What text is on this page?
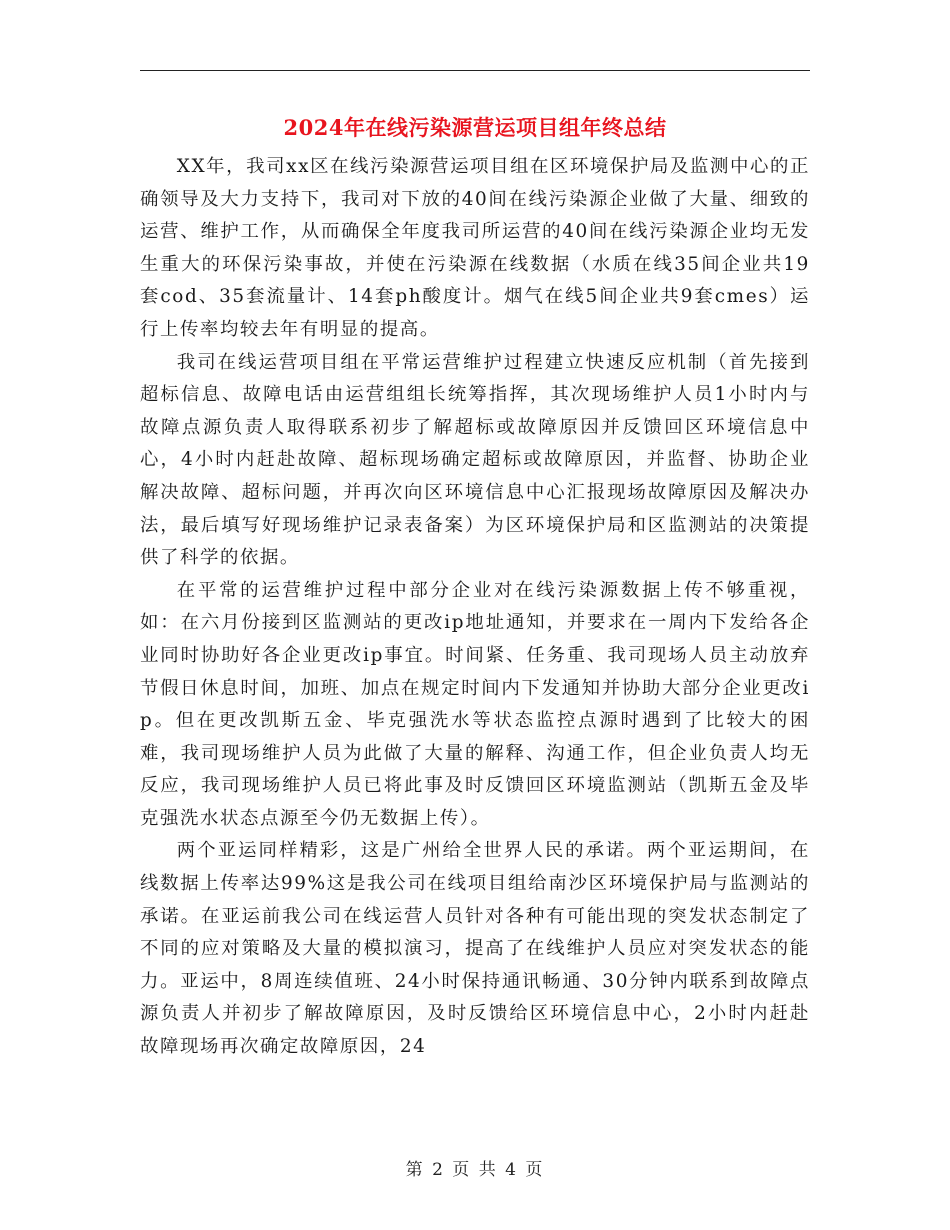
2024年在线污染源营运项目组年终总结

XX年，我司xx区在线污染源营运项目组在区环境保护局及监测中心的正确领导及大力支持下，我司对下放的40间在线污染源企业做了大量、细致的运营、维护工作，从而确保全年度我司所运营的40间在线污染源企业均无发生重大的环保污染事故，并使在污染源在线数据（水质在线35间企业共19套cod、35套流量计、14套ph酸度计。烟气在线5间企业共9套cmes）运行上传率均较去年有明显的提高。

我司在线运营项目组在平常运营维护过程建立快速反应机制（首先接到超标信息、故障电话由运营组组长统筹指挥，其次现场维护人员1小时内与故障点源负责人取得联系初步了解超标或故障原因并反馈回区环境信息中心，4小时内赶赴故障、超标现场确定超标或故障原因，并监督、协助企业解决故障、超标问题，并再次向区环境信息中心汇报现场故障原因及解决办法，最后填写好现场维护记录表备案）为区环境保护局和区监测站的决策提供了科学的依据。

在平常的运营维护过程中部分企业对在线污染源数据上传不够重视，如：在六月份接到区监测站的更改ip地址通知，并要求在一周内下发给各企业同时协助好各企业更改ip事宜。时间紧、任务重、我司现场人员主动放弃节假日休息时间，加班、加点在规定时间内下发通知并协助大部分企业更改ip。但在更改凯斯五金、毕克强洗水等状态监控点源时遇到了比较大的困难，我司现场维护人员为此做了大量的解释、沟通工作，但企业负责人均无反应，我司现场维护人员已将此事及时反馈回区环境监测站（凯斯五金及毕克强洗水状态点源至今仍无数据上传）。

两个亚运同样精彩，这是广州给全世界人民的承诺。两个亚运期间，在线数据上传率达99%这是我公司在线项目组给南沙区环境保护局与监测站的承诺。在亚运前我公司在线运营人员针对各种有可能出现的突发状态制定了不同的应对策略及大量的模拟演习，提高了在线维护人员应对突发状态的能力。亚运中，8周连续值班、24小时保持通讯畅通、30分钟内联系到故障点源负责人并初步了解故障原因，及时反馈给区环境信息中心，2小时内赶赴故障现场再次确定故障原因，24

第 2 页 共 4 页
